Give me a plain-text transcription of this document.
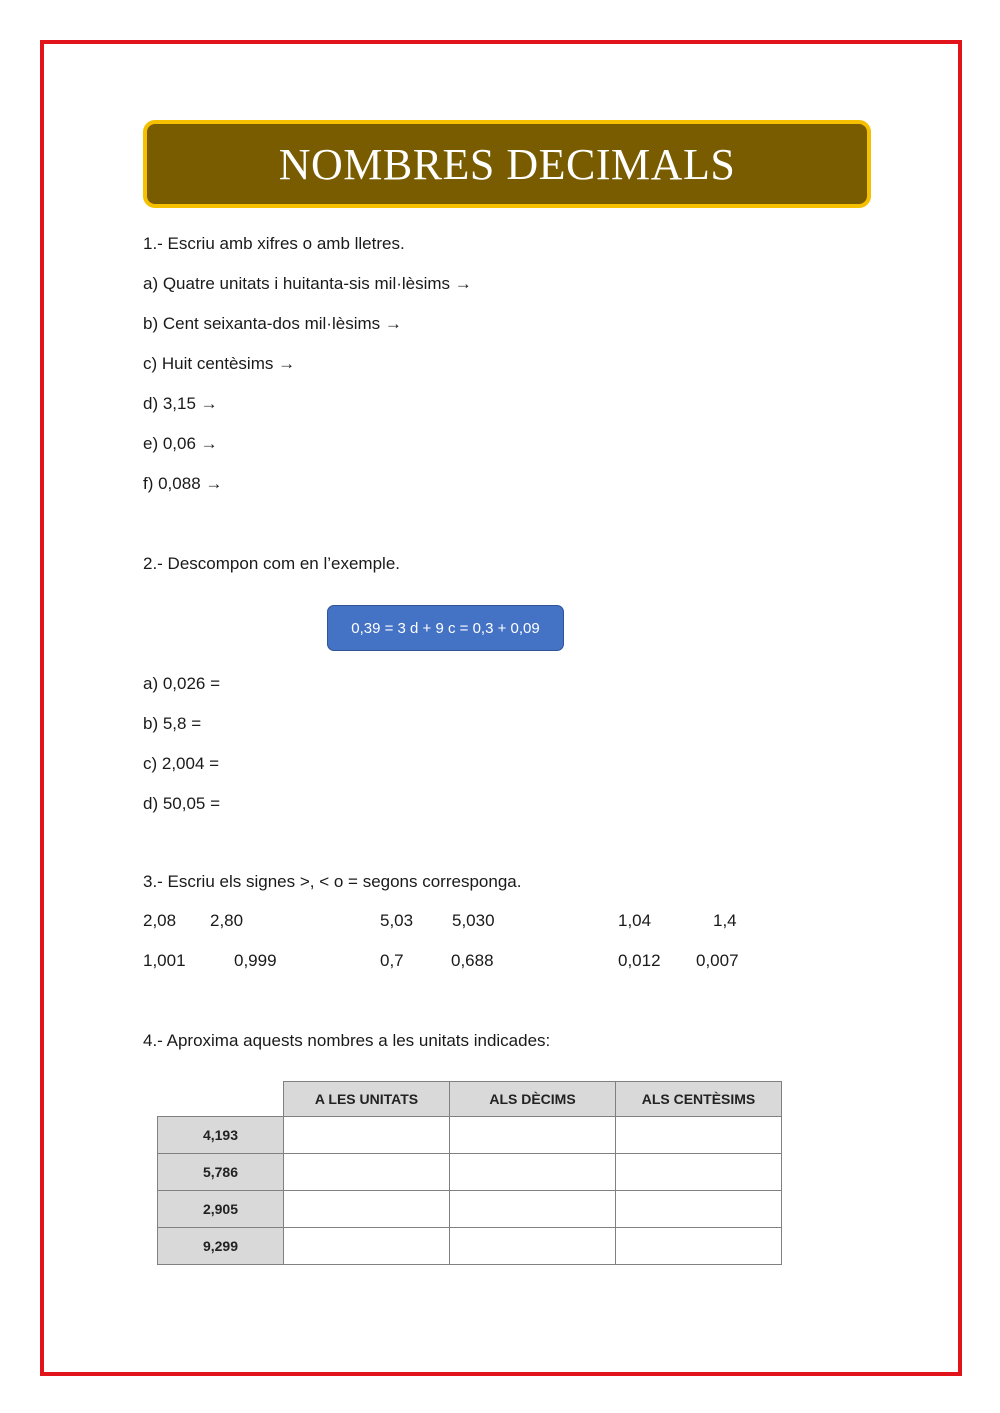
NOMBRES DECIMALS
1.- Escriu amb xifres o amb lletres.
a) Quatre unitats i huitanta-sis mil·lèsims →
b) Cent seixanta-dos mil·lèsims →
c) Huit centèsims →
d) 3,15 →
e) 0,06 →
f) 0,088 →
2.- Descompon com en l’exemple.
0,39 = 3 d + 9 c = 0,3 + 0,09
a) 0,026 =
b) 5,8 =
c) 2,004 =
d) 50,05 =
3.- Escriu els signes >, < o = segons corresponga.
2,08 2,80	5,03 5,030	1,04	1,4
1,001	0,999	0,7	0,688	0,012 0,007
4.- Aproxima aquests nombres a les unitats indicades:
	A LES UNITATS	ALS DÈCIMS	ALS CENTÈSIMS
4,193			
5,786			
2,905			
9,299			
